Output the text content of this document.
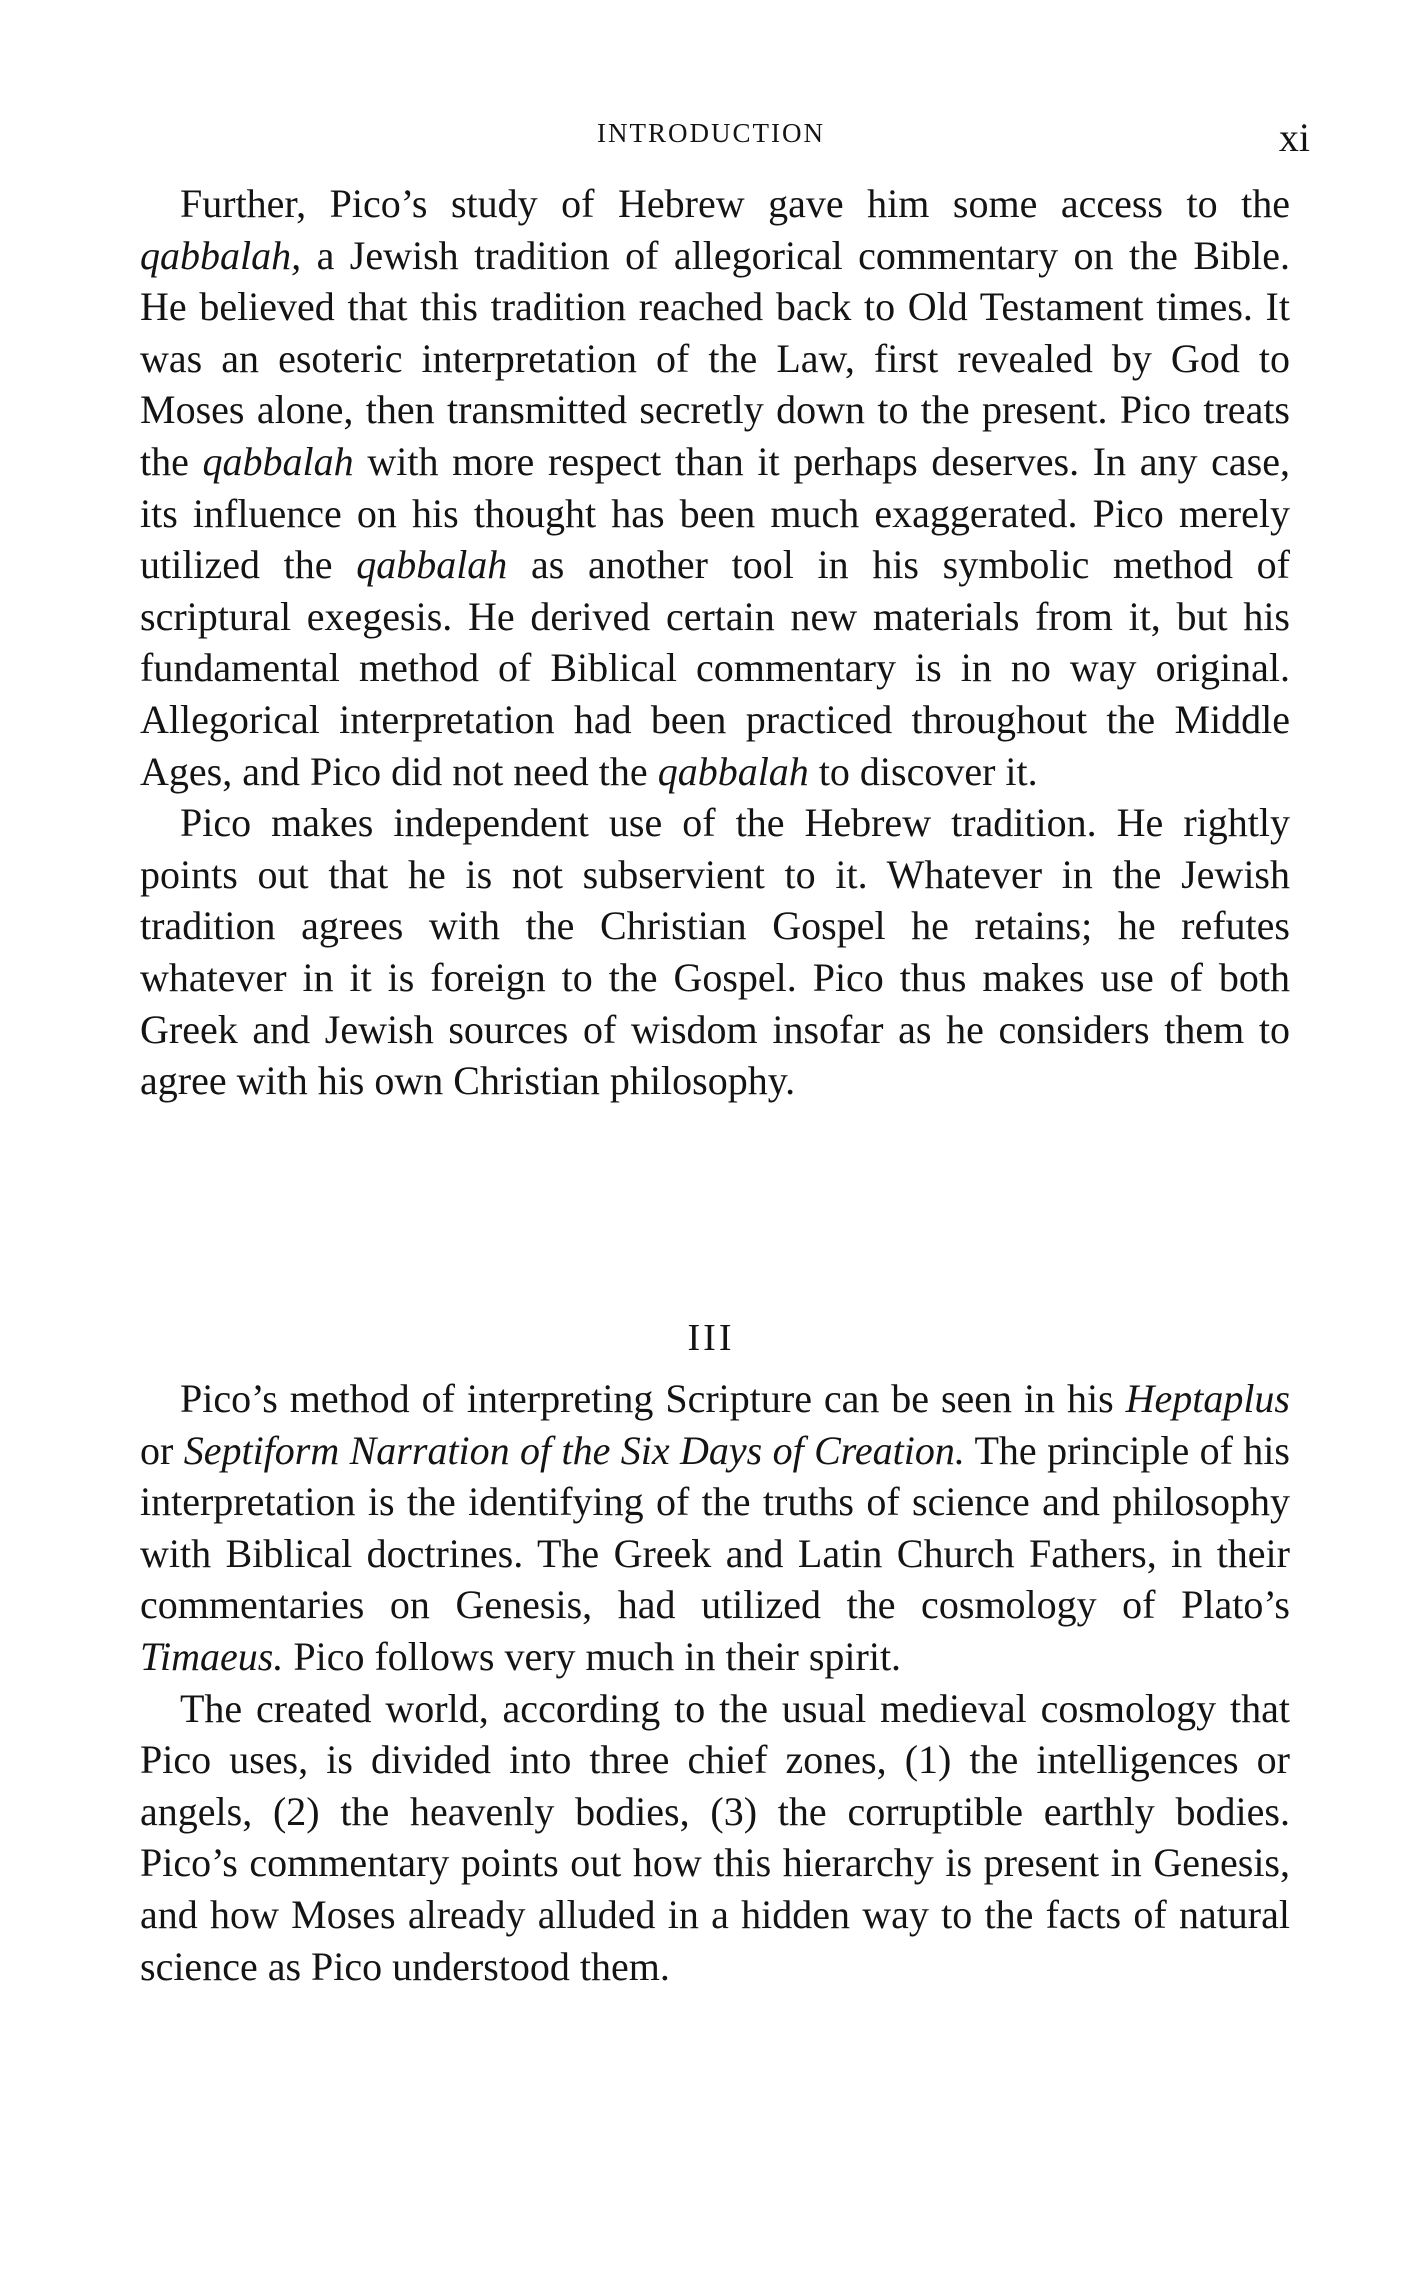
INTRODUCTION	xi

Further, Pico’s study of Hebrew gave him some access to the qabbalah, a Jewish tradition of allegorical commentary on the Bible. He believed that this tradition reached back to Old Testament times. It was an esoteric interpretation of the Law, first revealed by God to Moses alone, then transmitted secretly down to the present. Pico treats the qabbalah with more respect than it perhaps deserves. In any case, its influence on his thought has been much exaggerated. Pico merely utilized the qabbalah as another tool in his symbolic method of scriptural exegesis. He derived certain new materials from it, but his fundamental method of Biblical commentary is in no way original. Allegorical interpretation had been practiced throughout the Middle Ages, and Pico did not need the qabbalah to discover it.

Pico makes independent use of the Hebrew tradition. He rightly points out that he is not subservient to it. Whatever in the Jewish tradition agrees with the Christian Gospel he retains; he refutes whatever in it is foreign to the Gospel. Pico thus makes use of both Greek and Jewish sources of wisdom insofar as he considers them to agree with his own Christian philosophy.

III

Pico’s method of interpreting Scripture can be seen in his Heptaplus or Septiform Narration of the Six Days of Creation. The principle of his interpretation is the identifying of the truths of science and philosophy with Biblical doctrines. The Greek and Latin Church Fathers, in their commentaries on Genesis, had utilized the cosmology of Plato’s Timaeus. Pico follows very much in their spirit.

The created world, according to the usual medieval cosmology that Pico uses, is divided into three chief zones, (1) the intelligences or angels, (2) the heavenly bodies, (3) the corruptible earthly bodies. Pico’s commentary points out how this hierarchy is present in Genesis, and how Moses already alluded in a hidden way to the facts of natural science as Pico understood them.
